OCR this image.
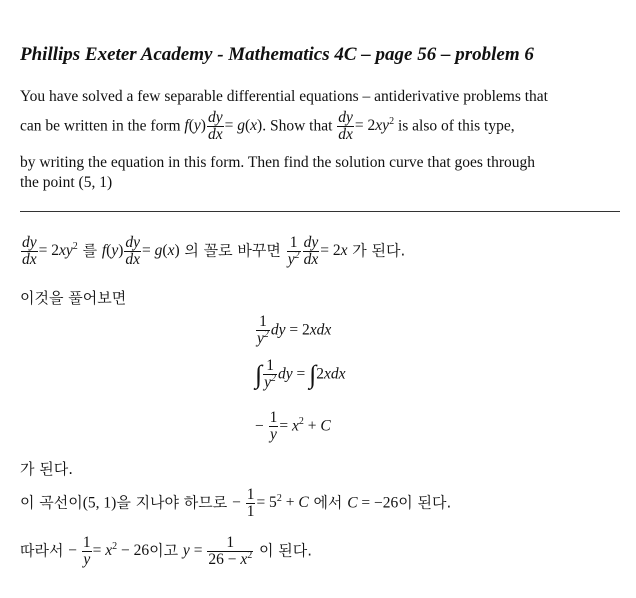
Phillips Exeter Academy - Mathematics 4C – page 56 – problem 6
You have solved a few separable differential equations – antiderivative problems that
can be written in the form $f(y) \frac{dy}{dx} = g(x)$. Show that $\frac{dy}{dx} = 2xy^2$ is also of this type,
by writing the equation in this form. Then find the solution curve that goes through
the point (5, 1)
$\frac{dy}{dx} = 2xy^2$ 를 $f(y) \frac{dy}{dx} = g(x)$ 의 꼴로 바꾸면 $\frac{1}{y^2} \frac{dy}{dx} = 2x$ 가 된다.
이것을 풀어보면
$\frac{1}{y^2}$ dy = 2xdx
∫ $\frac{1}{y^2}$ dy = ∫2xdx
− $\frac{1}{y} = x^2 + C$
가 된다.
이 곡선이(5, 1)을 지나야 하므로 − $\frac{1}{1} = 5^2 + C$ 에서 C = −26이 된다.
따라서 − $\frac{1}{y} = x^2 - 26$이고 $y = \frac{1}{26 - x^2}$ 이 된다.
